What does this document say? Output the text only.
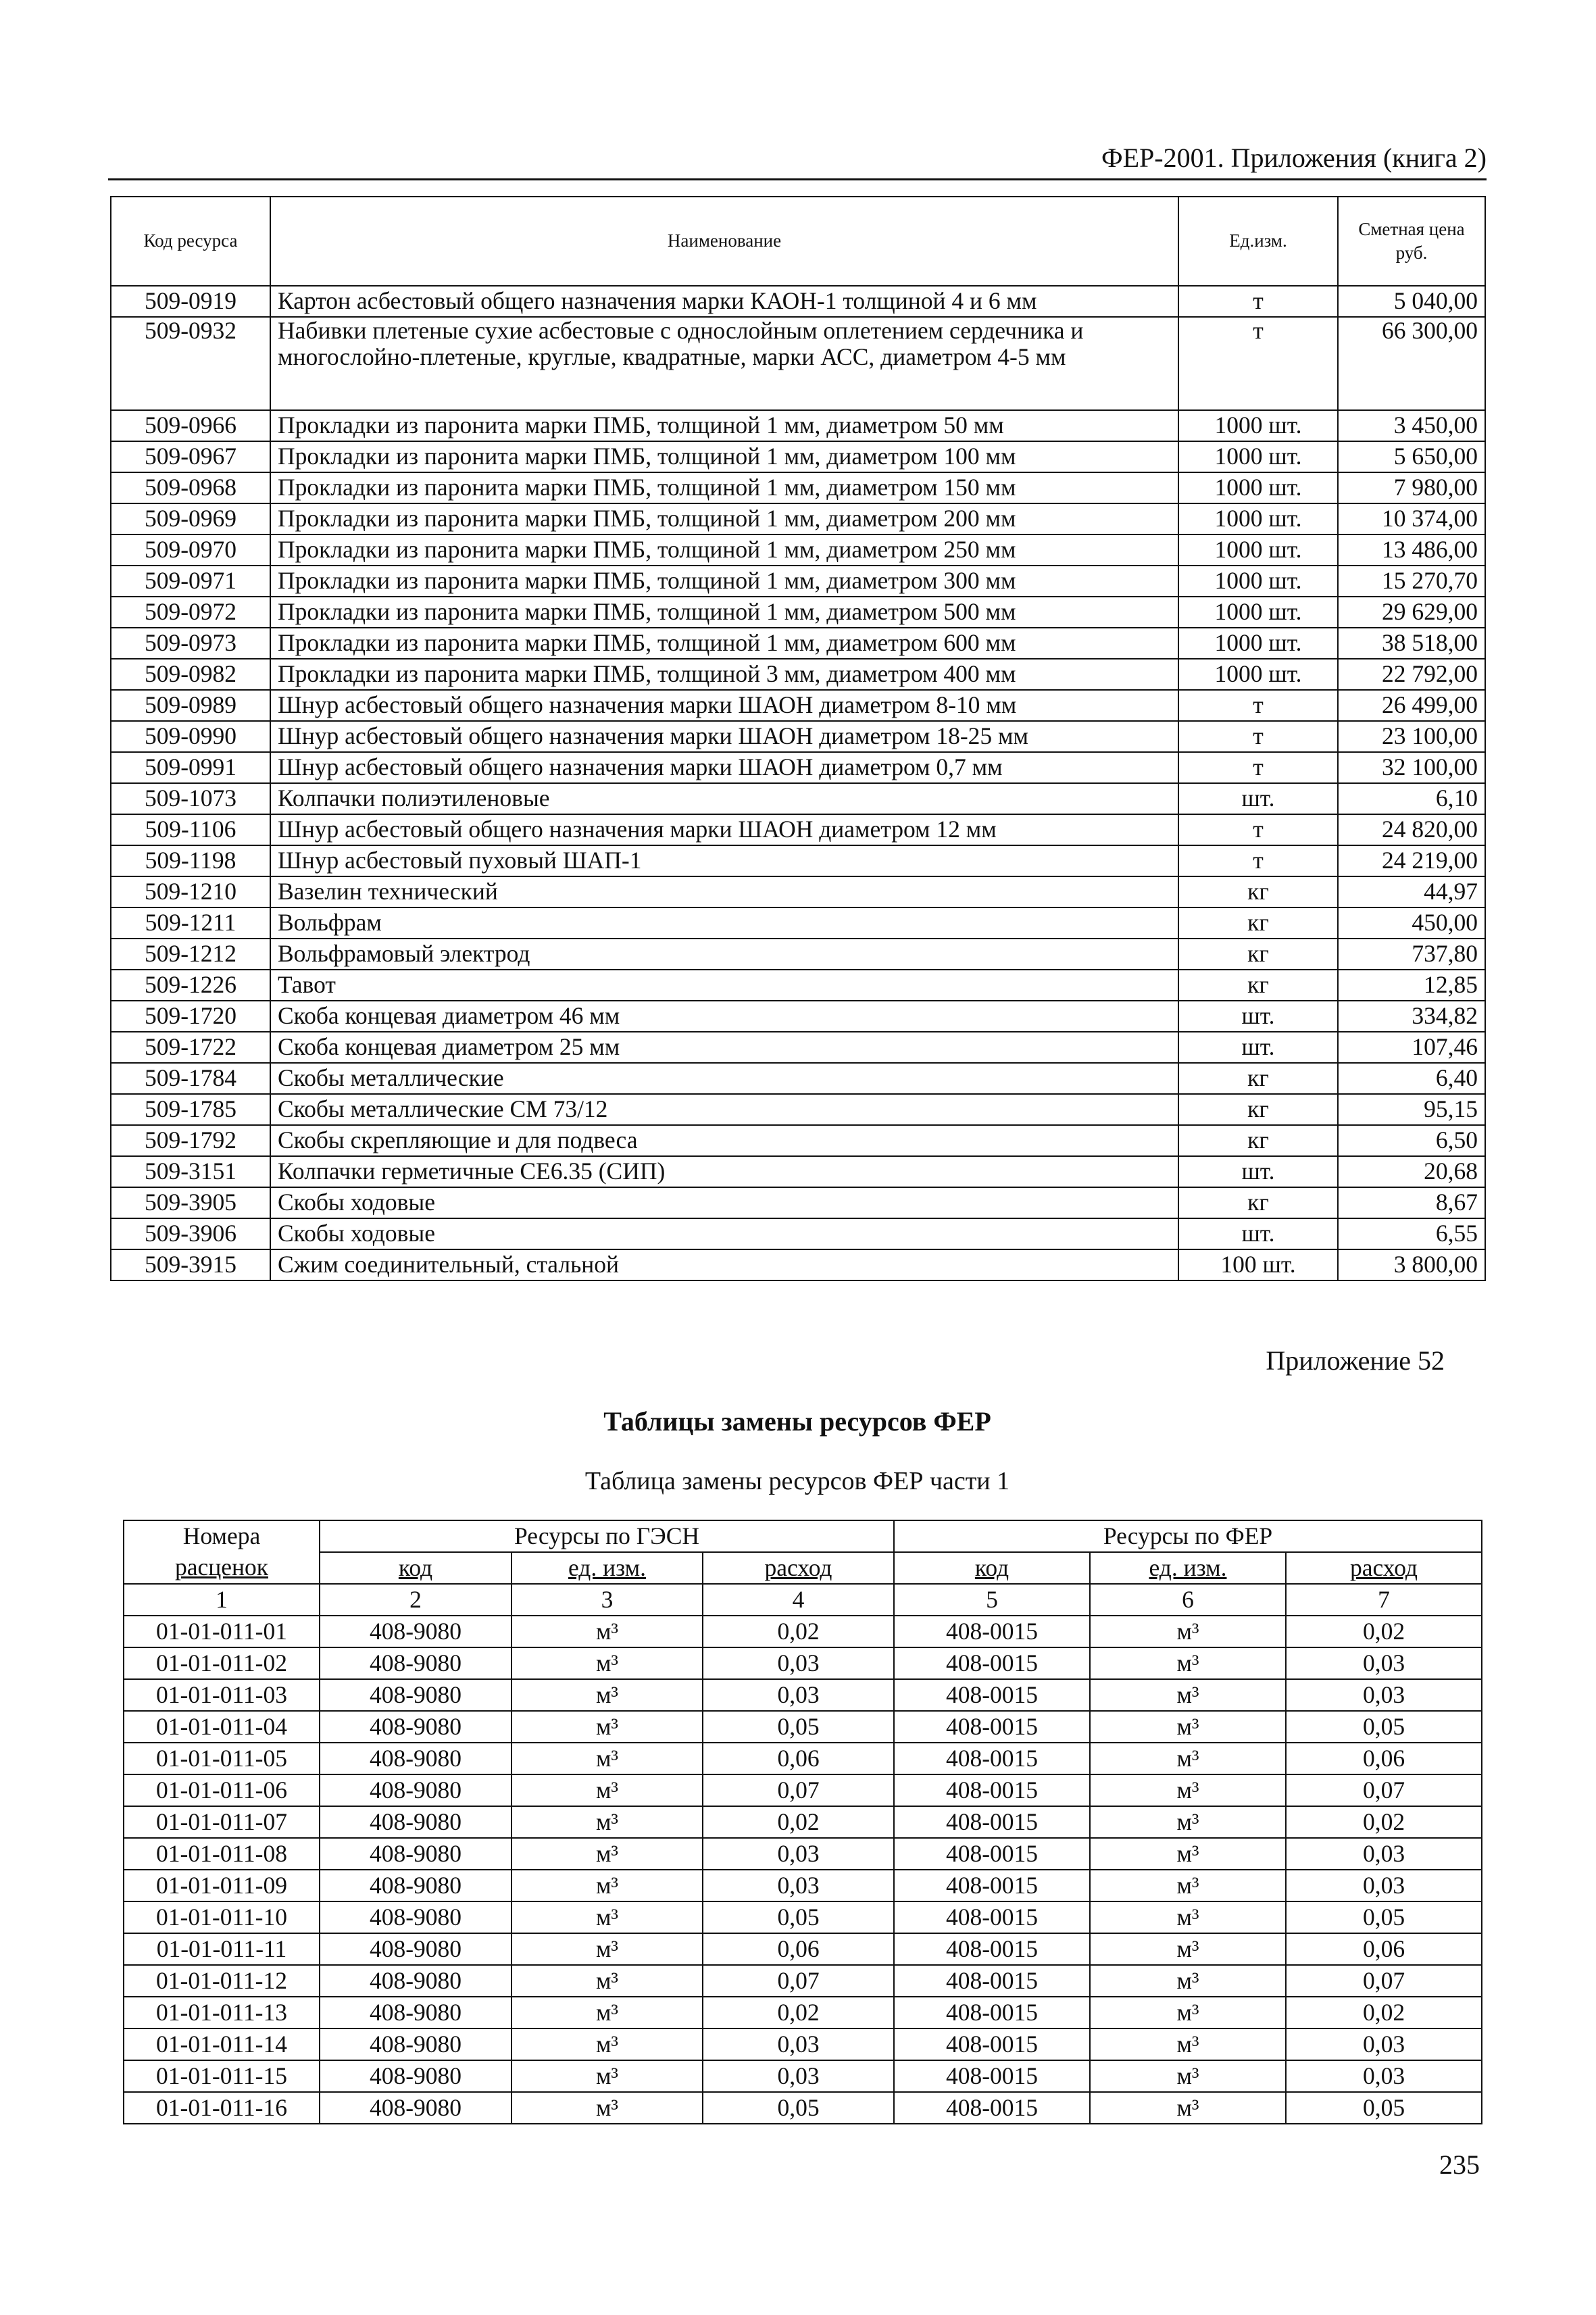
ФЕР-2001. Приложения (книга 2)
Код ресурса	Наименование	Ед.изм.	Сметная цена руб.
509-0919	Картон асбестовый общего назначения марки КАОН-1 толщиной 4 и 6 мм	т	5 040,00
509-0932	Набивки плетеные сухие асбестовые с однослойным оплетением сердечника и многослойно-плетеные, круглые, квадратные, марки АСС, диаметром 4-5 мм	т	66 300,00
509-0966	Прокладки из паронита марки ПМБ, толщиной 1 мм, диаметром 50 мм	1000 шт.	3 450,00
509-0967	Прокладки из паронита марки ПМБ, толщиной 1 мм, диаметром 100 мм	1000 шт.	5 650,00
509-0968	Прокладки из паронита марки ПМБ, толщиной 1 мм, диаметром 150 мм	1000 шт.	7 980,00
509-0969	Прокладки из паронита марки ПМБ, толщиной 1 мм, диаметром 200 мм	1000 шт.	10 374,00
509-0970	Прокладки из паронита марки ПМБ, толщиной 1 мм, диаметром 250 мм	1000 шт.	13 486,00
509-0971	Прокладки из паронита марки ПМБ, толщиной 1 мм, диаметром 300 мм	1000 шт.	15 270,70
509-0972	Прокладки из паронита марки ПМБ, толщиной 1 мм, диаметром 500 мм	1000 шт.	29 629,00
509-0973	Прокладки из паронита марки ПМБ, толщиной 1 мм, диаметром 600 мм	1000 шт.	38 518,00
509-0982	Прокладки из паронита марки ПМБ, толщиной 3 мм, диаметром 400 мм	1000 шт.	22 792,00
509-0989	Шнур асбестовый общего назначения марки ШАОН диаметром 8-10 мм	т	26 499,00
509-0990	Шнур асбестовый общего назначения марки ШАОН диаметром 18-25 мм	т	23 100,00
509-0991	Шнур асбестовый общего назначения марки ШАОН диаметром 0,7 мм	т	32 100,00
509-1073	Колпачки полиэтиленовые	шт.	6,10
509-1106	Шнур асбестовый общего назначения марки ШАОН диаметром 12 мм	т	24 820,00
509-1198	Шнур асбестовый пуховый ШАП-1	т	24 219,00
509-1210	Вазелин технический	кг	44,97
509-1211	Вольфрам	кг	450,00
509-1212	Вольфрамовый электрод	кг	737,80
509-1226	Тавот	кг	12,85
509-1720	Скоба концевая диаметром 46 мм	шт.	334,82
509-1722	Скоба концевая диаметром 25 мм	шт.	107,46
509-1784	Скобы металлические	кг	6,40
509-1785	Скобы металлические СМ 73/12	кг	95,15
509-1792	Скобы скрепляющие и для подвеса	кг	6,50
509-3151	Колпачки герметичные СЕ6.35 (СИП)	шт.	20,68
509-3905	Скобы ходовые	кг	8,67
509-3906	Скобы ходовые	шт.	6,55
509-3915	Сжим соединительный, стальной	100 шт.	3 800,00
Приложение 52
Таблицы замены ресурсов ФЕР
Таблица замены ресурсов ФЕР части 1
Номера	Ресурсы по ГЭСН			Ресурсы по ФЕР		
расценок	код	ед. изм.	расход	код	ед. изм.	расход
1	2	3	4	5	6	7
01-01-011-01	408-9080	м³	0,02	408-0015	м³	0,02
01-01-011-02	408-9080	м³	0,03	408-0015	м³	0,03
01-01-011-03	408-9080	м³	0,03	408-0015	м³	0,03
01-01-011-04	408-9080	м³	0,05	408-0015	м³	0,05
01-01-011-05	408-9080	м³	0,06	408-0015	м³	0,06
01-01-011-06	408-9080	м³	0,07	408-0015	м³	0,07
01-01-011-07	408-9080	м³	0,02	408-0015	м³	0,02
01-01-011-08	408-9080	м³	0,03	408-0015	м³	0,03
01-01-011-09	408-9080	м³	0,03	408-0015	м³	0,03
01-01-011-10	408-9080	м³	0,05	408-0015	м³	0,05
01-01-011-11	408-9080	м³	0,06	408-0015	м³	0,06
01-01-011-12	408-9080	м³	0,07	408-0015	м³	0,07
01-01-011-13	408-9080	м³	0,02	408-0015	м³	0,02
01-01-011-14	408-9080	м³	0,03	408-0015	м³	0,03
01-01-011-15	408-9080	м³	0,03	408-0015	м³	0,03
01-01-011-16	408-9080	м³	0,05	408-0015	м³	0,05
235
